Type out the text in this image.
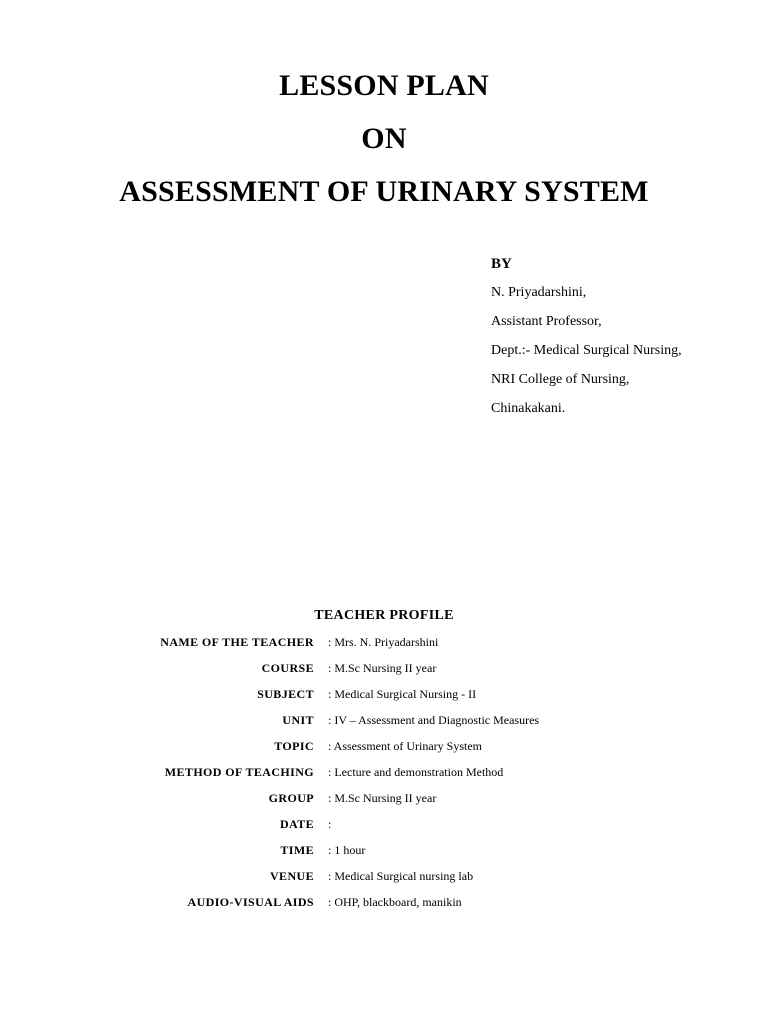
LESSON PLAN
ON
ASSESSMENT OF URINARY SYSTEM
BY
N. Priyadarshini,
Assistant Professor,
Dept.:- Medical Surgical Nursing,
NRI College of Nursing,
Chinakakani.
TEACHER PROFILE
NAME OF THE TEACHER : Mrs. N. Priyadarshini
COURSE : M.Sc Nursing II year
SUBJECT : Medical Surgical Nursing - II
UNIT : IV – Assessment and Diagnostic Measures
TOPIC : Assessment of Urinary System
METHOD OF TEACHING : Lecture and demonstration Method
GROUP : M.Sc Nursing II year
DATE :
TIME : 1 hour
VENUE : Medical Surgical nursing lab
AUDIO-VISUAL AIDS : OHP, blackboard, manikin
